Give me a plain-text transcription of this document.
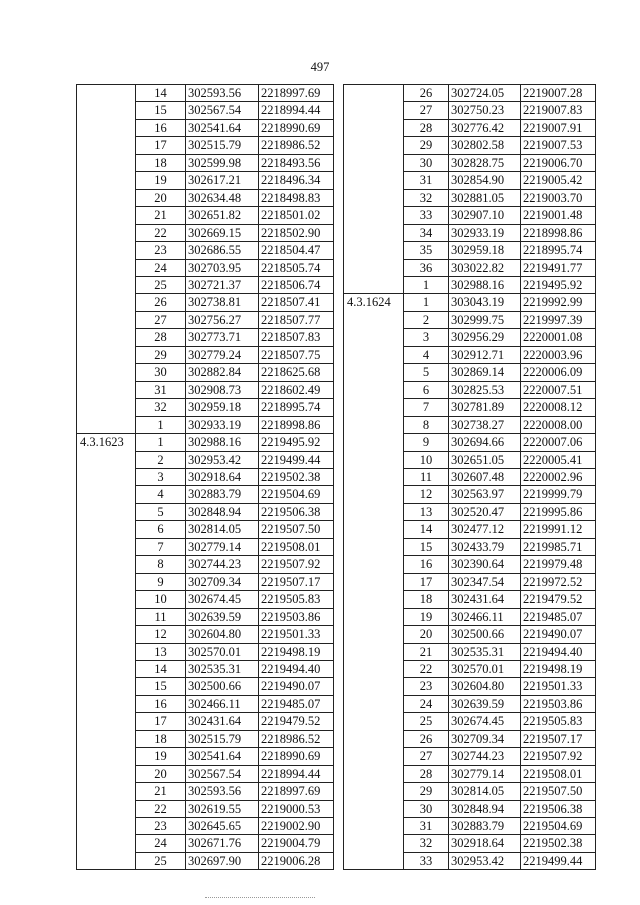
497
	14	302593.56	2218997.69
	15	302567.54	2218994.44
	16	302541.64	2218990.69
	17	302515.79	2218986.52
	18	302599.98	2218493.56
	19	302617.21	2218496.34
	20	302634.48	2218498.83
	21	302651.82	2218501.02
	22	302669.15	2218502.90
	23	302686.55	2218504.47
	24	302703.95	2218505.74
	25	302721.37	2218506.74
	26	302738.81	2218507.41
	27	302756.27	2218507.77
	28	302773.71	2218507.83
	29	302779.24	2218507.75
	30	302882.84	2218625.68
	31	302908.73	2218602.49
	32	302959.18	2218995.74
	1	302933.19	2218998.86
4.3.1623	1	302988.16	2219495.92
	2	302953.42	2219499.44
	3	302918.64	2219502.38
	4	302883.79	2219504.69
	5	302848.94	2219506.38
	6	302814.05	2219507.50
	7	302779.14	2219508.01
	8	302744.23	2219507.92
	9	302709.34	2219507.17
	10	302674.45	2219505.83
	11	302639.59	2219503.86
	12	302604.80	2219501.33
	13	302570.01	2219498.19
	14	302535.31	2219494.40
	15	302500.66	2219490.07
	16	302466.11	2219485.07
	17	302431.64	2219479.52
	18	302515.79	2218986.52
	19	302541.64	2218990.69
	20	302567.54	2218994.44
	21	302593.56	2218997.69
	22	302619.55	2219000.53
	23	302645.65	2219002.90
	24	302671.76	2219004.79
	25	302697.90	2219006.28
	26	302724.05	2219007.28
	27	302750.23	2219007.83
	28	302776.42	2219007.91
	29	302802.58	2219007.53
	30	302828.75	2219006.70
	31	302854.90	2219005.42
	32	302881.05	2219003.70
	33	302907.10	2219001.48
	34	302933.19	2218998.86
	35	302959.18	2218995.74
	36	303022.82	2219491.77
	1	302988.16	2219495.92
4.3.1624	1	303043.19	2219992.99
	2	302999.75	2219997.39
	3	302956.29	2220001.08
	4	302912.71	2220003.96
	5	302869.14	2220006.09
	6	302825.53	2220007.51
	7	302781.89	2220008.12
	8	302738.27	2220008.00
	9	302694.66	2220007.06
	10	302651.05	2220005.41
	11	302607.48	2220002.96
	12	302563.97	2219999.79
	13	302520.47	2219995.86
	14	302477.12	2219991.12
	15	302433.79	2219985.71
	16	302390.64	2219979.48
	17	302347.54	2219972.52
	18	302431.64	2219479.52
	19	302466.11	2219485.07
	20	302500.66	2219490.07
	21	302535.31	2219494.40
	22	302570.01	2219498.19
	23	302604.80	2219501.33
	24	302639.59	2219503.86
	25	302674.45	2219505.83
	26	302709.34	2219507.17
	27	302744.23	2219507.92
	28	302779.14	2219508.01
	29	302814.05	2219507.50
	30	302848.94	2219506.38
	31	302883.79	2219504.69
	32	302918.64	2219502.38
	33	302953.42	2219499.44
